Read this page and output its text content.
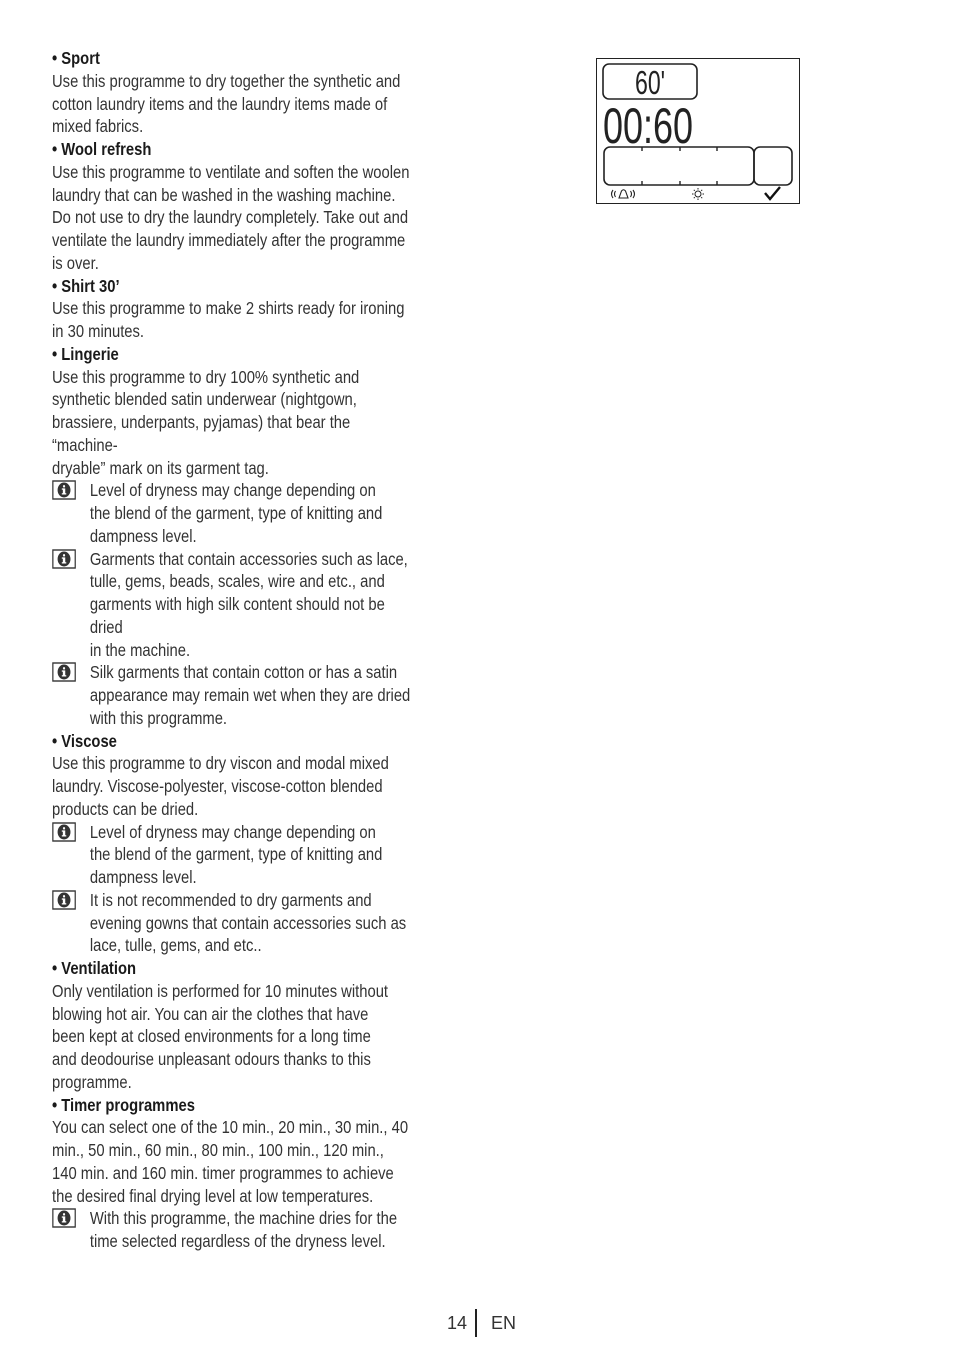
• Sport
Use this programme to dry together the synthetic and
cotton laundry items and the laundry items made of
mixed fabrics.
• Wool refresh
Use this programme to ventilate and soften the woolen
laundry that can be washed in the washing machine.
Do not use to dry the laundry completely. Take out and
ventilate the laundry immediately after the programme
is over.
• Shirt 30’
Use this programme to make 2 shirts ready for ironing
in 30 minutes.
• Lingerie
Use this programme to dry 100% synthetic and
synthetic blended satin underwear (nightgown,
brassiere, underpants, pyjamas) that bear the “machine-
dryable” mark on its garment tag.
Level of dryness may change depending on
the blend of the garment, type of knitting and
dampness level.
Garments that contain accessories such as lace,
tulle, gems, beads, scales, wire and etc., and
garments with high silk content should not be dried
in the machine.
Silk garments that contain cotton or has a satin
appearance may remain wet when they are dried
with this programme.
• Viscose
Use this programme to dry viscon and modal mixed
laundry. Viscose-polyester, viscose-cotton blended
products can be dried.
Level of dryness may change depending on
the blend of the garment, type of knitting and
dampness level.
It is not recommended to dry garments and
evening gowns that contain accessories such as
lace, tulle, gems, and etc..
• Ventilation
Only ventilation is performed for 10 minutes without
blowing hot air. You can air the clothes that have
been kept at closed environments for a long time
and deodourise unpleasant odours thanks to this
programme.
• Timer programmes
You can select one of the 10 min., 20 min., 30 min., 40
min., 50 min., 60 min., 80 min., 100 min., 120 min.,
140 min. and 160 min. timer programmes to achieve
the desired final drying level at low temperatures.
With this programme, the machine dries for the
time selected regardless of the dryness level.
60'
00:60
14 EN
